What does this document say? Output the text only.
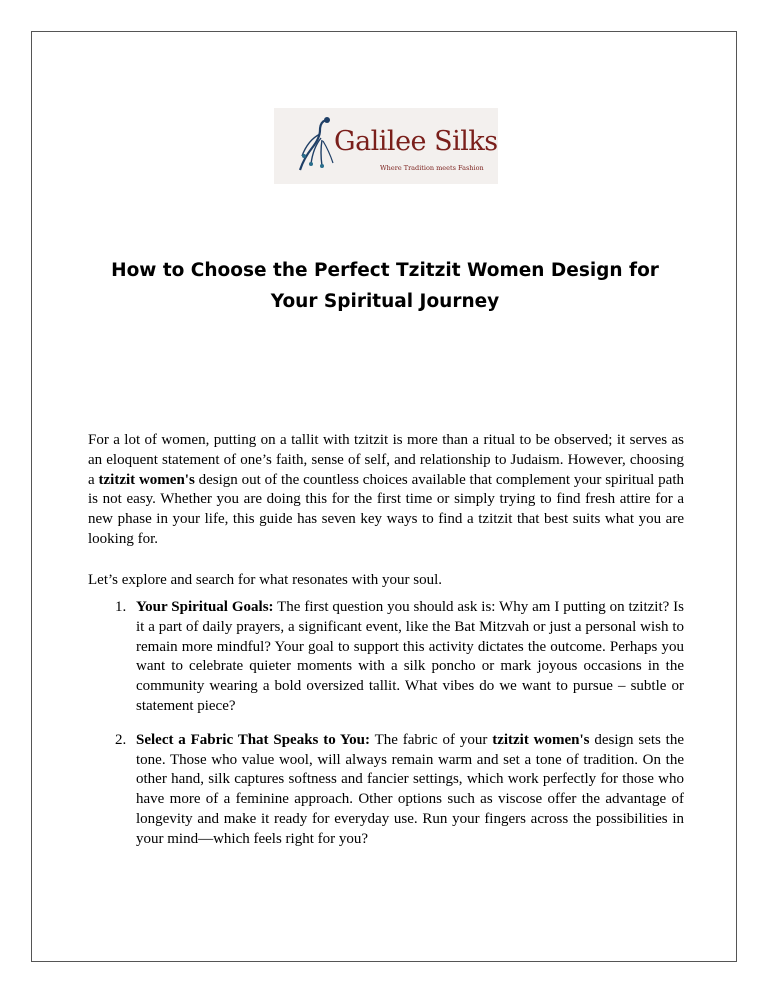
Galilee Silks
Where Tradition meets Fashion
How to Choose the Perfect Tzitzit Women Design for
Your Spiritual Journey

For a lot of women, putting on a tallit with tzitzit is more than a ritual to be observed; it serves as an eloquent statement of one’s faith, sense of self, and relationship to Judaism. However, choosing a tzitzit women's design out of the countless choices available that complement your spiritual path is not easy. Whether you are doing this for the first time or simply trying to find fresh attire for a new phase in your life, this guide has seven key ways to find a tzitzit that best suits what you are looking for.

Let’s explore and search for what resonates with your soul.

1. Your Spiritual Goals: The first question you should ask is: Why am I putting on tzitzit? Is it a part of daily prayers, a significant event, like the Bat Mitzvah or just a personal wish to remain more mindful? Your goal to support this activity dictates the outcome. Perhaps you want to celebrate quieter moments with a silk poncho or mark joyous occasions in the community wearing a bold oversized tallit. What vibes do we want to pursue – subtle or statement piece?
2. Select a Fabric That Speaks to You: The fabric of your tzitzit women's design sets the tone. Those who value wool, will always remain warm and set a tone of tradition. On the other hand, silk captures softness and fancier settings, which work perfectly for those who have more of a feminine approach. Other options such as viscose offer the advantage of longevity and make it ready for everyday use. Run your fingers across the possibilities in your mind—which feels right for you?
